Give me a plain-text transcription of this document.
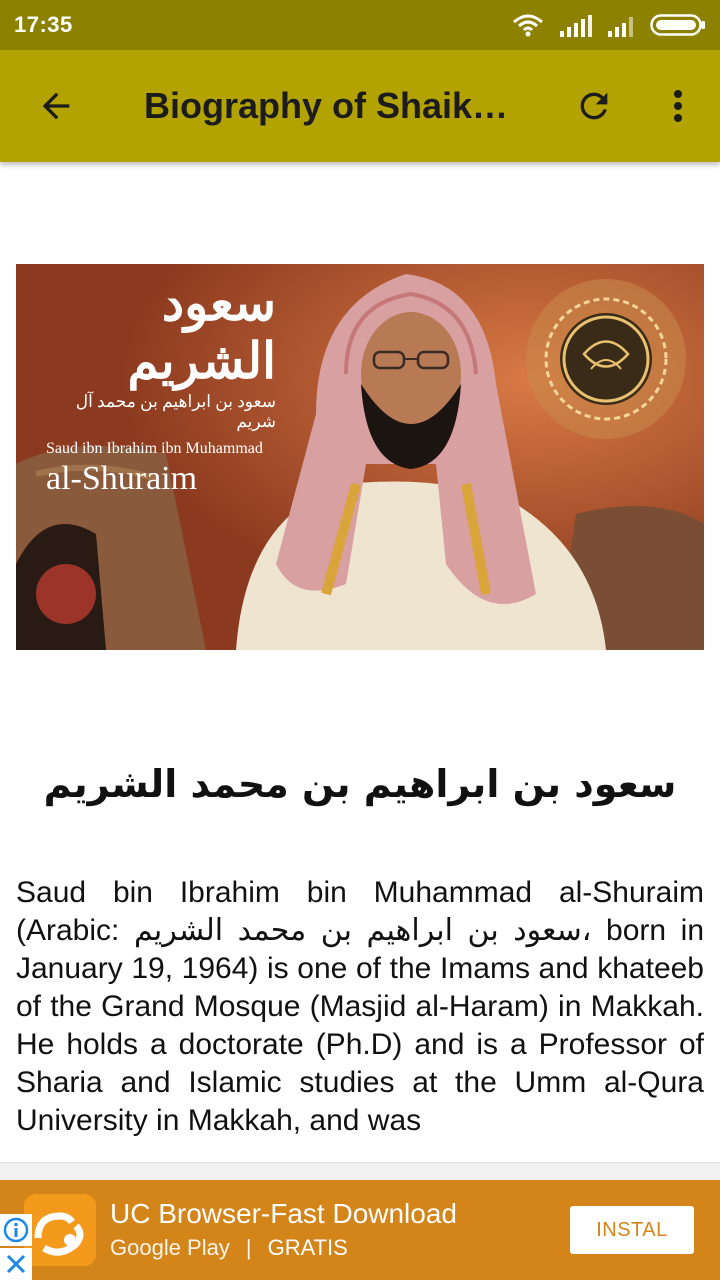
17:35
Biography of Shaik…
سعود الشريم
سعود بن ابراهيم بن محمد آل شريم
Saud ibn Ibrahim ibn Muhammad
al-Shuraim
سعود بن ابراهيم بن محمد الشريم
Saud bin Ibrahim bin Muhammad al-Shuraim (Arabic: سعود بن ابراهيم بن محمد الشريم، born in January 19, 1964) is one of the Imams and khateeb of the Grand Mosque (Masjid al-Haram) in Makkah. He holds a doctorate (Ph.D) and is a Professor of Sharia and Islamic studies at the Umm al-Qura University in Makkah, and was
UC Browser-Fast Download
Google Play | GRATIS
INSTAL
